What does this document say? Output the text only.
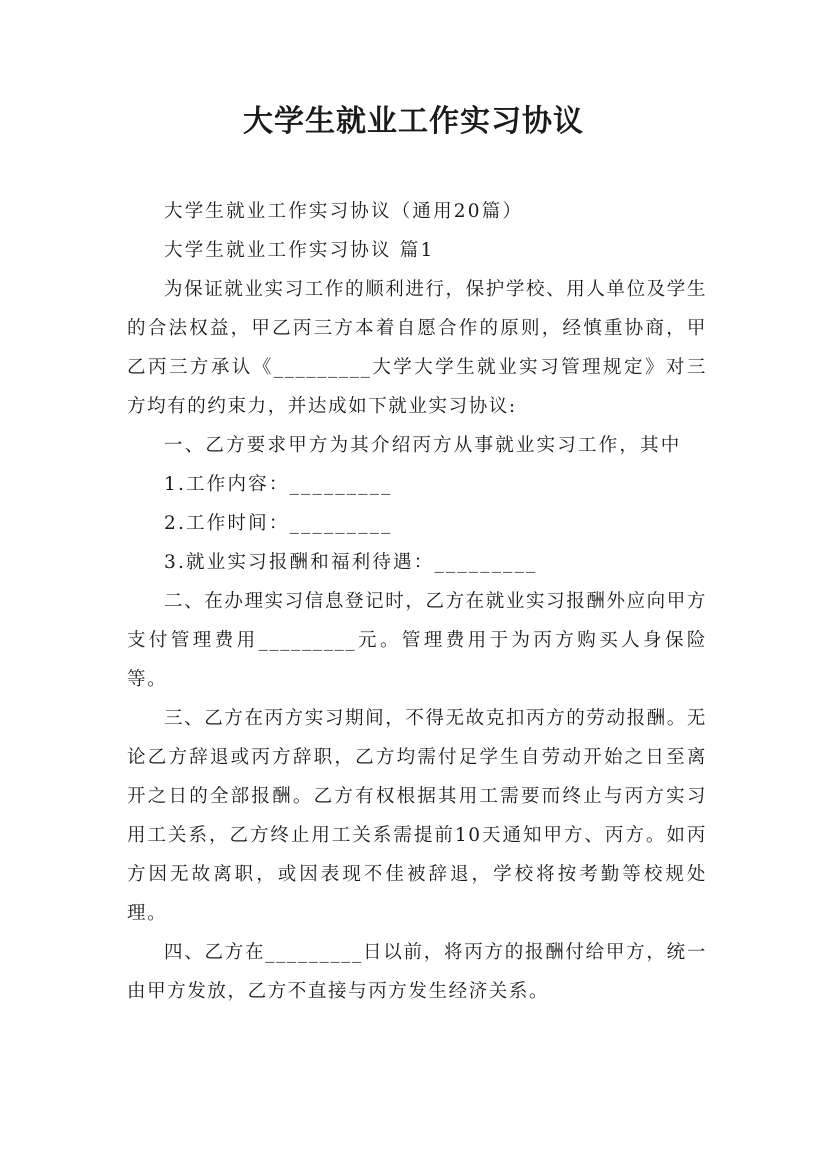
大学生就业工作实习协议

大学生就业工作实习协议（通用20篇）

大学生就业工作实习协议 篇1

为保证就业实习工作的顺利进行，保护学校、用人单位及学生的合法权益，甲乙丙三方本着自愿合作的原则，经慎重协商，甲乙丙三方承认《_________大学大学生就业实习管理规定》对三方均有的约束力，并达成如下就业实习协议:

一、乙方要求甲方为其介绍丙方从事就业实习工作，其中

1.工作内容：_________

2.工作时间：_________

3.就业实习报酬和福利待遇：_________

二、在办理实习信息登记时，乙方在就业实习报酬外应向甲方支付管理费用_________元。管理费用于为丙方购买人身保险等。

三、乙方在丙方实习期间，不得无故克扣丙方的劳动报酬。无论乙方辞退或丙方辞职，乙方均需付足学生自劳动开始之日至离开之日的全部报酬。乙方有权根据其用工需要而终止与丙方实习用工关系，乙方终止用工关系需提前10天通知甲方、丙方。如丙方因无故离职，或因表现不佳被辞退，学校将按考勤等校规处理。

四、乙方在_________日以前，将丙方的报酬付给甲方，统一由甲方发放，乙方不直接与丙方发生经济关系。
